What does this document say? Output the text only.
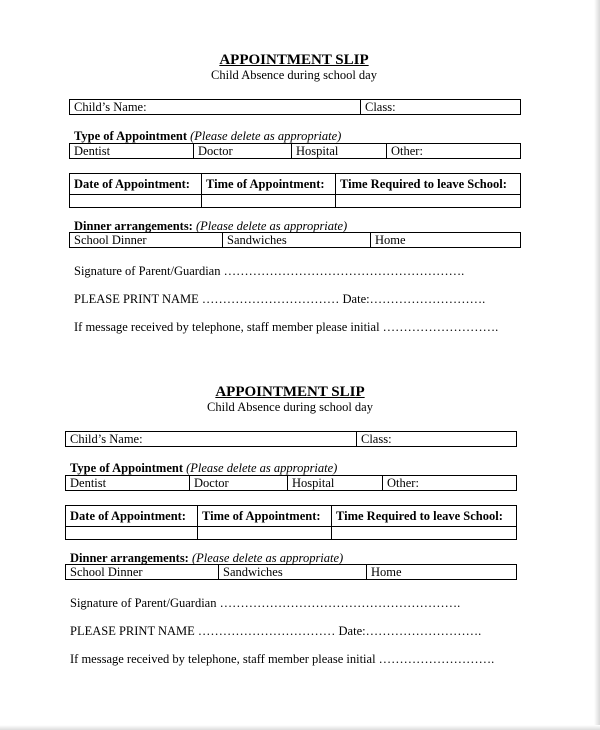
APPOINTMENT SLIP
Child Absence during school day
Child’s Name:	Class:
Type of Appointment (Please delete as appropriate)
Dentist	Doctor	Hospital	Other:
Date of Appointment:	Time of Appointment:	Time Required to leave School:

Dinner arrangements: (Please delete as appropriate)
School Dinner	Sandwiches	Home
Signature of Parent/Guardian ………………………………………………….
PLEASE PRINT NAME …………………………… Date:……………………….
If message received by telephone, staff member please initial ……………………….
APPOINTMENT SLIP
Child Absence during school day
Child’s Name:	Class:
Type of Appointment (Please delete as appropriate)
Dentist	Doctor	Hospital	Other:
Date of Appointment:	Time of Appointment:	Time Required to leave School:

Dinner arrangements: (Please delete as appropriate)
School Dinner	Sandwiches	Home
Signature of Parent/Guardian ………………………………………………….
PLEASE PRINT NAME …………………………… Date:……………………….
If message received by telephone, staff member please initial ……………………….
